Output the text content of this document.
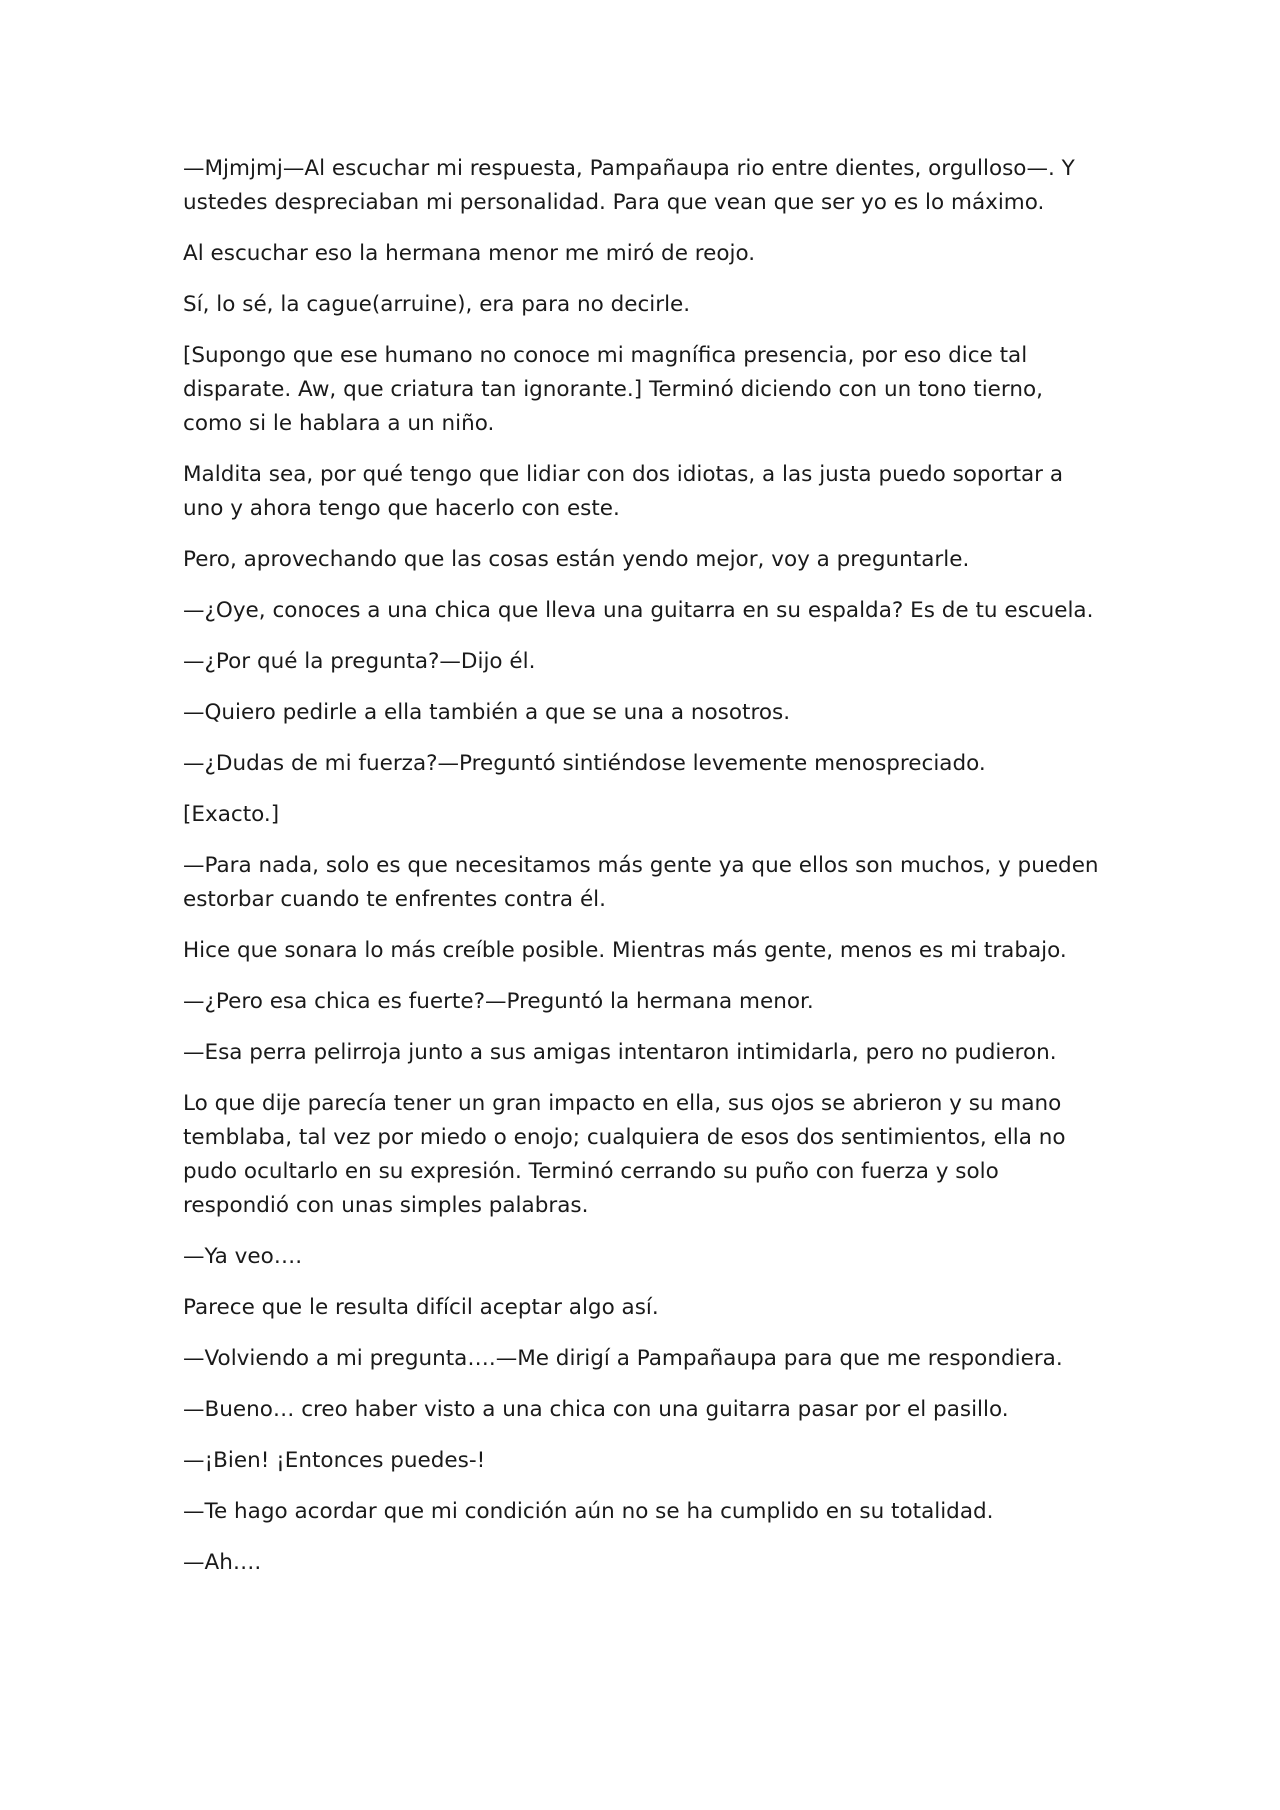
—Mjmjmj—Al escuchar mi respuesta, Pampañaupa rio entre dientes, orgulloso—. Y ustedes despreciaban mi personalidad. Para que vean que ser yo es lo máximo.

Al escuchar eso la hermana menor me miró de reojo.

Sí, lo sé, la cague(arruine), era para no decirle.

[Supongo que ese humano no conoce mi magnífica presencia, por eso dice tal disparate. Aw, que criatura tan ignorante.] Terminó diciendo con un tono tierno, como si le hablara a un niño.

Maldita sea, por qué tengo que lidiar con dos idiotas, a las justa puedo soportar a uno y ahora tengo que hacerlo con este.

Pero, aprovechando que las cosas están yendo mejor, voy a preguntarle.

—¿Oye, conoces a una chica que lleva una guitarra en su espalda? Es de tu escuela.

—¿Por qué la pregunta?—Dijo él.

—Quiero pedirle a ella también a que se una a nosotros.

—¿Dudas de mi fuerza?—Preguntó sintiéndose levemente menospreciado.

[Exacto.]

—Para nada, solo es que necesitamos más gente ya que ellos son muchos, y pueden estorbar cuando te enfrentes contra él.

Hice que sonara lo más creíble posible. Mientras más gente, menos es mi trabajo.

—¿Pero esa chica es fuerte?—Preguntó la hermana menor.

—Esa perra pelirroja junto a sus amigas intentaron intimidarla, pero no pudieron.

Lo que dije parecía tener un gran impacto en ella, sus ojos se abrieron y su mano temblaba, tal vez por miedo o enojo; cualquiera de esos dos sentimientos, ella no pudo ocultarlo en su expresión. Terminó cerrando su puño con fuerza y solo respondió con unas simples palabras.

—Ya veo….

Parece que le resulta difícil aceptar algo así.

—Volviendo a mi pregunta….—Me dirigí a Pampañaupa para que me respondiera.

—Bueno… creo haber visto a una chica con una guitarra pasar por el pasillo.

—¡Bien! ¡Entonces puedes-!

—Te hago acordar que mi condición aún no se ha cumplido en su totalidad.

—Ah….
